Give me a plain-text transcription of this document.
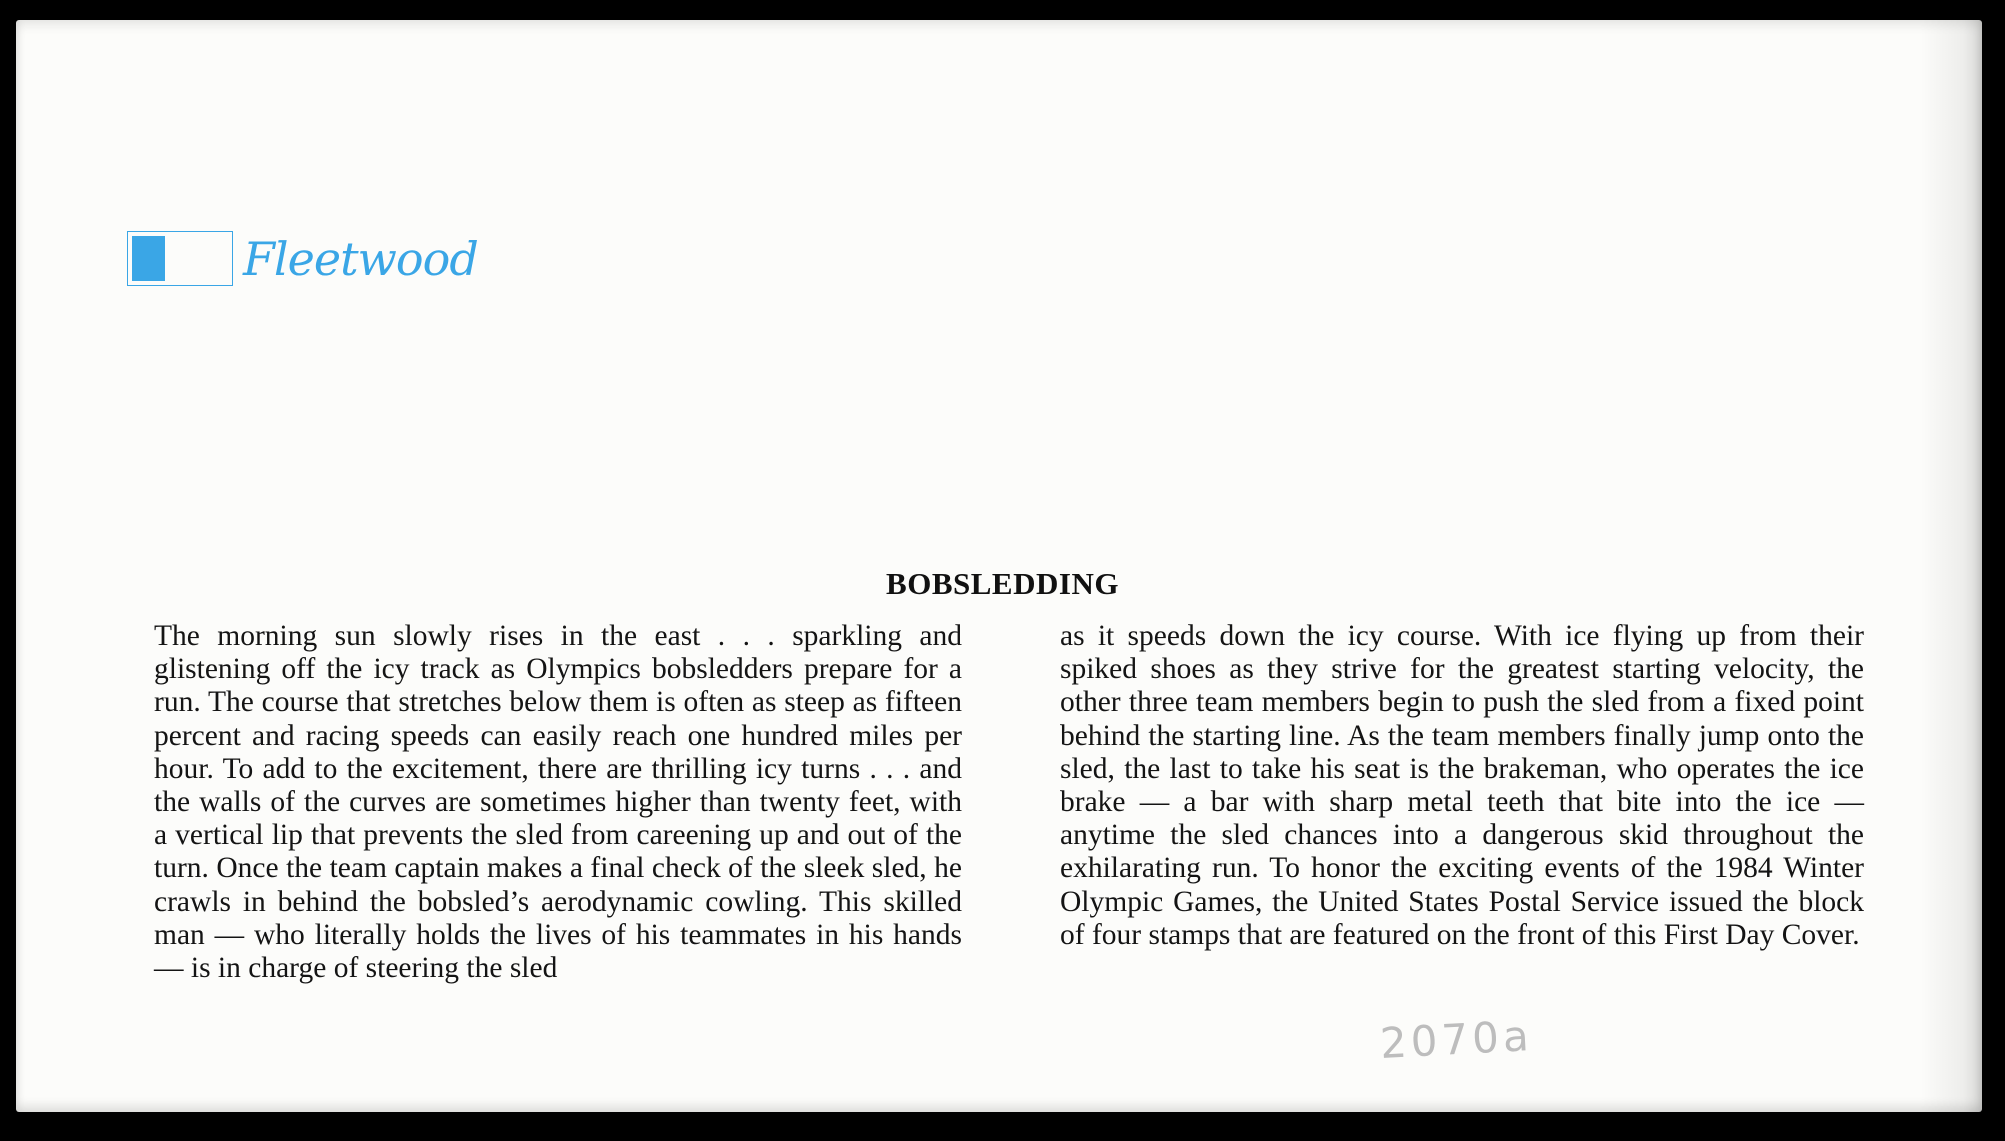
Fleetwood
BOBSLEDDING
The morning sun slowly rises in the east . . . sparkling and glistening off the icy track as Olympics bobsledders prepare for a run. The course that stretches below them is often as steep as fifteen percent and racing speeds can easily reach one hundred miles per hour. To add to the excitement, there are thrilling icy turns . . . and the walls of the curves are sometimes higher than twenty feet, with a vertical lip that prevents the sled from careening up and out of the turn. Once the team captain makes a final check of the sleek sled, he crawls in behind the bobsled’s aerodynamic cowling. This skilled man — who literally holds the lives of his teammates in his hands — is in charge of steering the sled
as it speeds down the icy course. With ice flying up from their spiked shoes as they strive for the greatest starting velocity, the other three team members begin to push the sled from a fixed point behind the starting line. As the team members finally jump onto the sled, the last to take his seat is the brakeman, who operates the ice brake — a bar with sharp metal teeth that bite into the ice — anytime the sled chances into a dangerous skid throughout the exhilarating run. To honor the exciting events of the 1984 Winter Olympic Games, the United States Postal Service issued the block of four stamps that are featured on the front of this First Day Cover.
2070a
